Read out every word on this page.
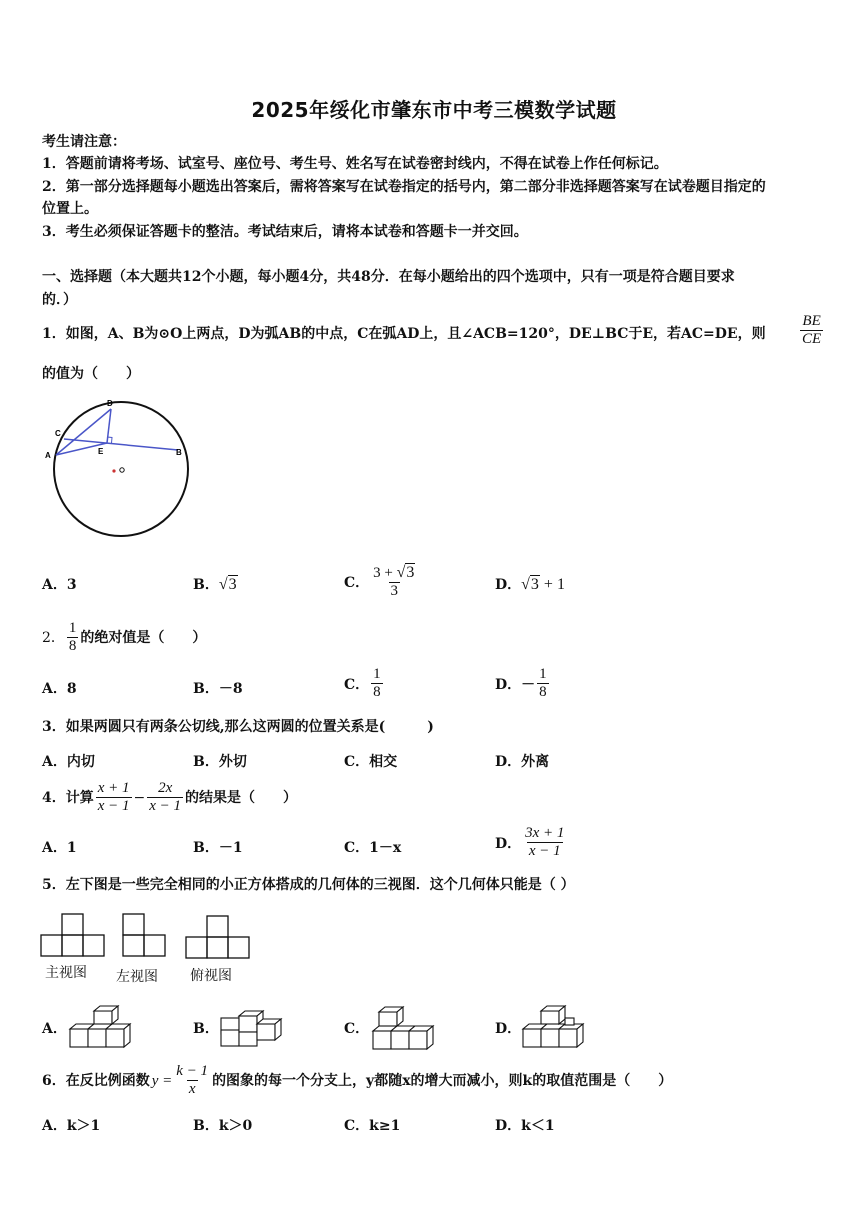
2025年绥化市肇东市中考三模数学试题
考生请注意：
1．答题前请将考场、试室号、座位号、考生号、姓名写在试卷密封线内，不得在试卷上作任何标记。
2．第一部分选择题每小题选出答案后，需将答案写在试卷指定的括号内，第二部分非选择题答案写在试卷题目指定的
位置上。
3．考生必须保证答题卡的整洁。考试结束后，请将本试卷和答题卡一并交回。
一、选择题（本大题共12个小题，每小题4分，共48分．在每小题给出的四个选项中，只有一项是符合题目要求
的．）
1．如图，A、B为⊙O上两点，D为弧AB的中点，C在弧AD上，且∠ACB=120°，DE⊥BC于E，若AC=DE，则	$\frac{BE}{CE}$
的值为（　　）
D
C
A	E	B
A．3	B．√3	C． $\frac{3 + √3}{3}$	D．√3 + 1
2． $\frac{1}{8}$ 的绝对值是（　　）
A．8	B．－8	C． $\frac{1}{8}$	D．－ $\frac{1}{8}$
3．如果两圆只有两条公切线,那么这两圆的位置关系是(　　　)
A．内切	B．外切	C．相交	D．外离
4．计算 $\frac{x + 1}{x - 1} - \frac{2x}{x - 1}$ 的结果是（　　）
A．1	B．－1	C．1－x	D． $\frac{3x + 1}{x - 1}$
5．左下图是一些完全相同的小正方体搭成的几何体的三视图．这个几何体只能是（ ）
主视图 左视图 俯视图
A．	B．	C．	D．
6．在反比例函数 $y = \frac{k - 1}{x}$ 的图象的每一个分支上，y都随x的增大而减小，则k的取值范围是（　　）
A．k＞1	B．k＞0	C．k≥1	D．k＜1
